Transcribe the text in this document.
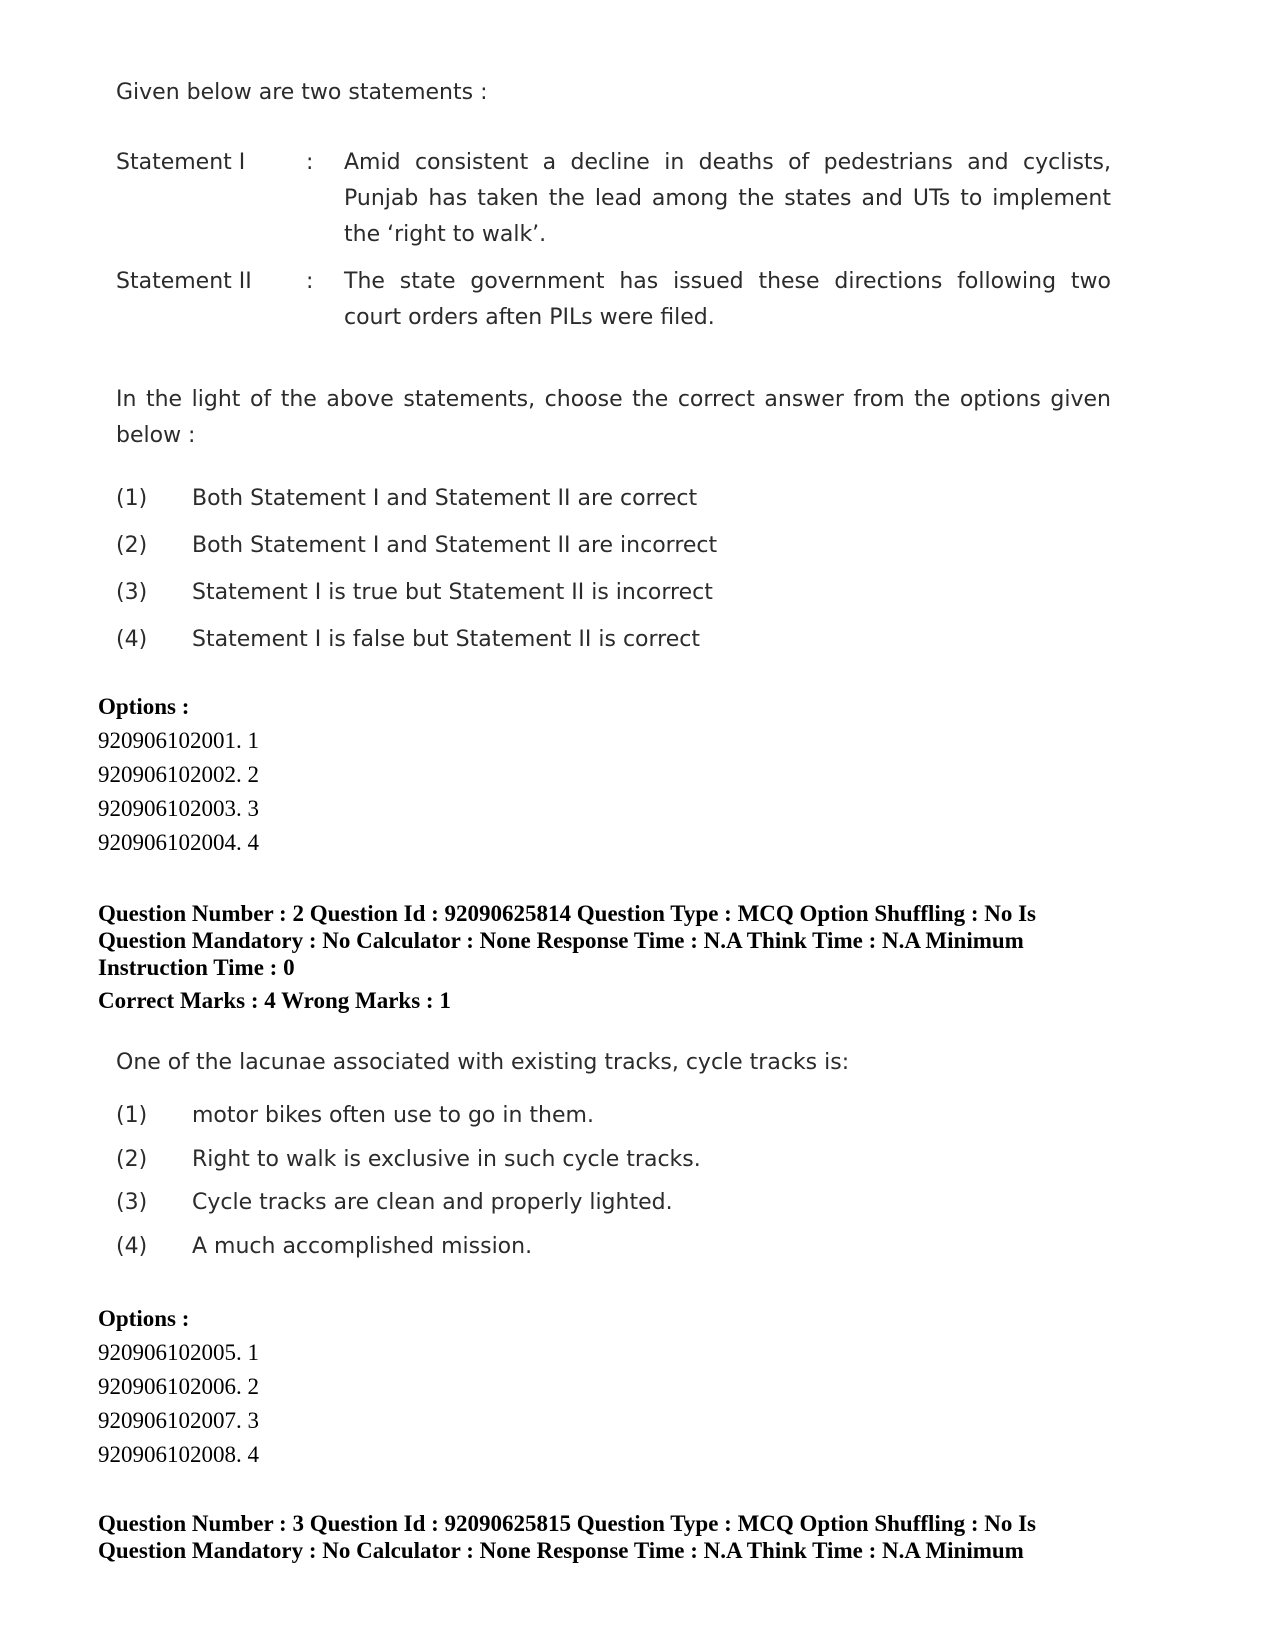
Given below are two statements :
Statement I	: Amid consistent a decline in deaths of pedestrians and cyclists, Punjab has taken the lead among the states and UTs to implement the ‘right to walk’.
Statement II	: The state government has issued these directions following two court orders aften PILs were filed.
In the light of the above statements, choose the correct answer from the options given below :
(1) Both Statement I and Statement II are correct
(2) Both Statement I and Statement II are incorrect
(3) Statement I is true but Statement II is incorrect
(4) Statement I is false but Statement II is correct
Options :
920906102001. 1
920906102002. 2
920906102003. 3
920906102004. 4
Question Number : 2 Question Id : 92090625814 Question Type : MCQ Option Shuffling : No Is
Question Mandatory : No Calculator : None Response Time : N.A Think Time : N.A Minimum
Instruction Time : 0
Correct Marks : 4 Wrong Marks : 1
One of the lacunae associated with existing tracks, cycle tracks is:
(1) motor bikes often use to go in them.
(2) Right to walk is exclusive in such cycle tracks.
(3) Cycle tracks are clean and properly lighted.
(4) A much accomplished mission.
Options :
920906102005. 1
920906102006. 2
920906102007. 3
920906102008. 4
Question Number : 3 Question Id : 92090625815 Question Type : MCQ Option Shuffling : No Is
Question Mandatory : No Calculator : None Response Time : N.A Think Time : N.A Minimum
